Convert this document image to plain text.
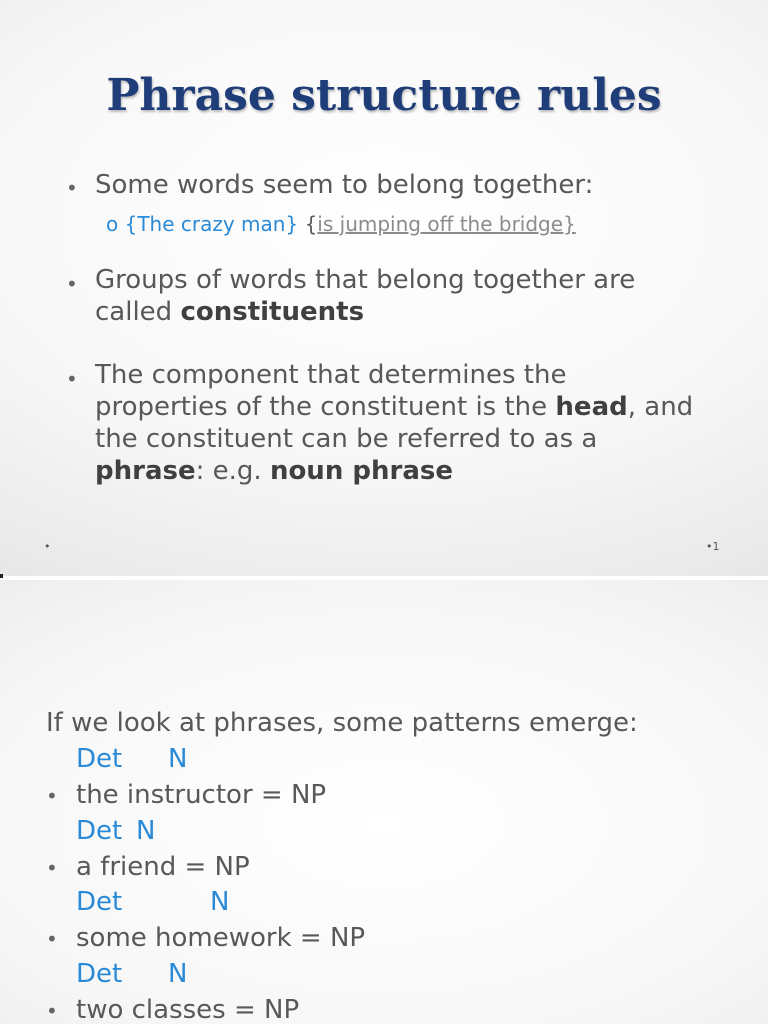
Phrase structure rules
• Some words seem to belong together:
o {The crazy man} {is jumping off the bridge}
• Groups of words that belong together are
called constituents
• The component that determines the
properties of the constituent is the head, and
the constituent can be referred to as a
phrase: e.g. noun phrase
•	•1
If we look at phrases, some patterns emerge:
Det N
• the instructor = NP
Det N
• a friend = NP
Det	N
• some homework = NP
Det N
• two classes = NP
